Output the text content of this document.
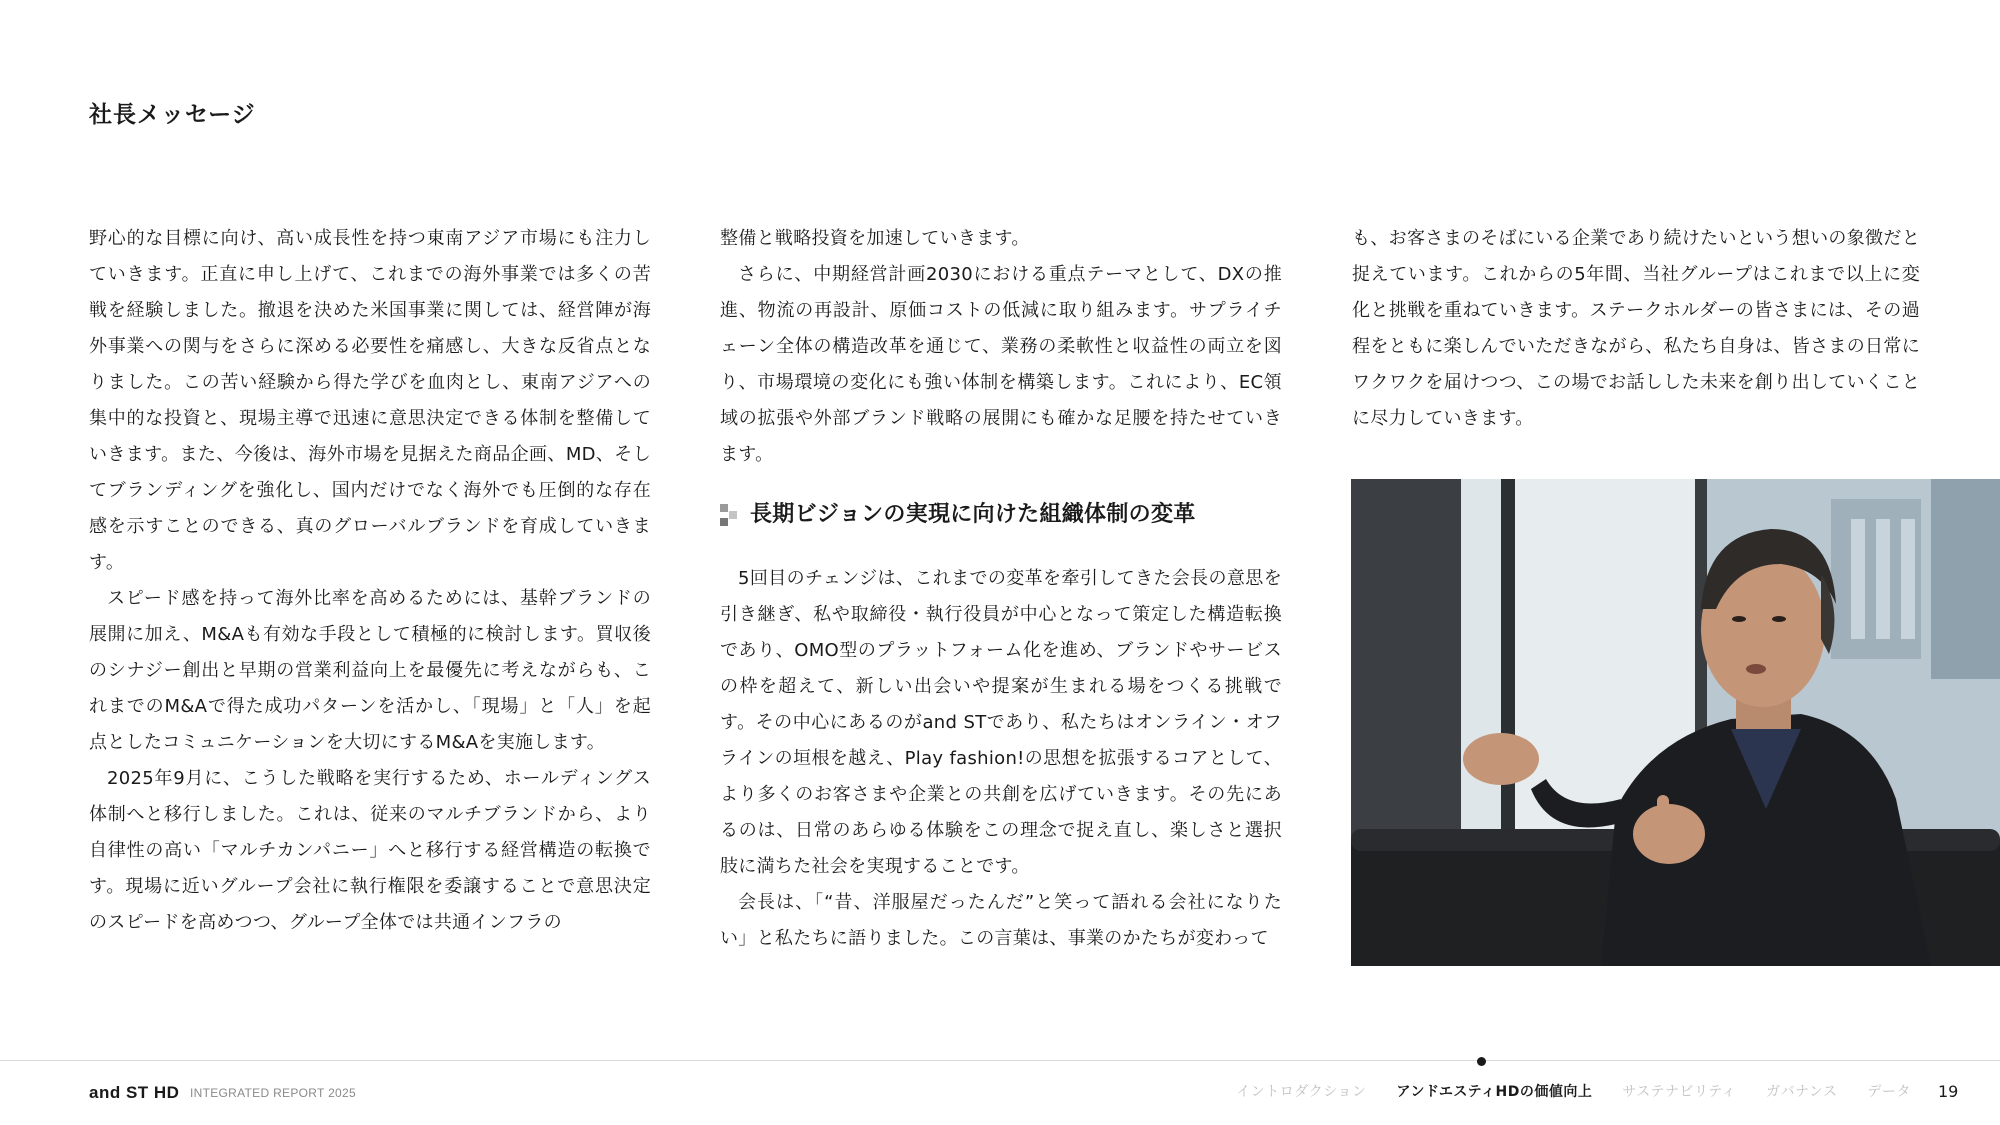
社長メッセージ

野心的な目標に向け、高い成長性を持つ東南アジア市場にも注力していきます。正直に申し上げて、これまでの海外事業では多くの苦戦を経験しました。撤退を決めた米国事業に関しては、経営陣が海外事業への関与をさらに深める必要性を痛感し、大きな反省点となりました。この苦い経験から得た学びを血肉とし、東南アジアへの集中的な投資と、現場主導で迅速に意思決定できる体制を整備していきます。また、今後は、海外市場を見据えた商品企画、MD、そしてブランディングを強化し、国内だけでなく海外でも圧倒的な存在感を示すことのできる、真のグローバルブランドを育成していきます。

スピード感を持って海外比率を高めるためには、基幹ブランドの展開に加え、M&Aも有効な手段として積極的に検討します。買収後のシナジー創出と早期の営業利益向上を最優先に考えながらも、これまでのM&Aで得た成功パターンを活かし、「現場」と「人」を起点としたコミュニケーションを大切にするM&Aを実施します。

2025年9月に、こうした戦略を実行するため、ホールディングス体制へと移行しました。これは、従来のマルチブランドから、より自律性の高い「マルチカンパニー」へと移行する経営構造の転換です。現場に近いグループ会社に執行権限を委譲することで意思決定のスピードを高めつつ、グループ全体では共通インフラの

整備と戦略投資を加速していきます。

さらに、中期経営計画2030における重点テーマとして、DXの推進、物流の再設計、原価コストの低減に取り組みます。サプライチェーン全体の構造改革を通じて、業務の柔軟性と収益性の両立を図り、市場環境の変化にも強い体制を構築します。これにより、EC領域の拡張や外部ブランド戦略の展開にも確かな足腰を持たせていきます。

長期ビジョンの実現に向けた組織体制の変革

5回目のチェンジは、これまでの変革を牽引してきた会長の意思を引き継ぎ、私や取締役・執行役員が中心となって策定した構造転換であり、OMO型のプラットフォーム化を進め、ブランドやサービスの枠を超えて、新しい出会いや提案が生まれる場をつくる挑戦です。その中心にあるのがand STであり、私たちはオンライン・オフラインの垣根を越え、Play fashion!の思想を拡張するコアとして、より多くのお客さまや企業との共創を広げていきます。その先にあるのは、日常のあらゆる体験をこの理念で捉え直し、楽しさと選択肢に満ちた社会を実現することです。

会長は、「“昔、洋服屋だったんだ”と笑って語れる会社になりたい」と私たちに語りました。この言葉は、事業のかたちが変わって

も、お客さまのそばにいる企業であり続けたいという想いの象徴だと捉えています。これからの5年間、当社グループはこれまで以上に変化と挑戦を重ねていきます。ステークホルダーの皆さまには、その過程をともに楽しんでいただきながら、私たち自身は、皆さまの日常にワクワクを届けつつ、この場でお話しした未来を創り出していくことに尽力していきます。

and ST HD INTEGRATED REPORT 2025	イントロダクション アンドエスティHDの価値向上 サステナビリティ ガバナンス データ 19
